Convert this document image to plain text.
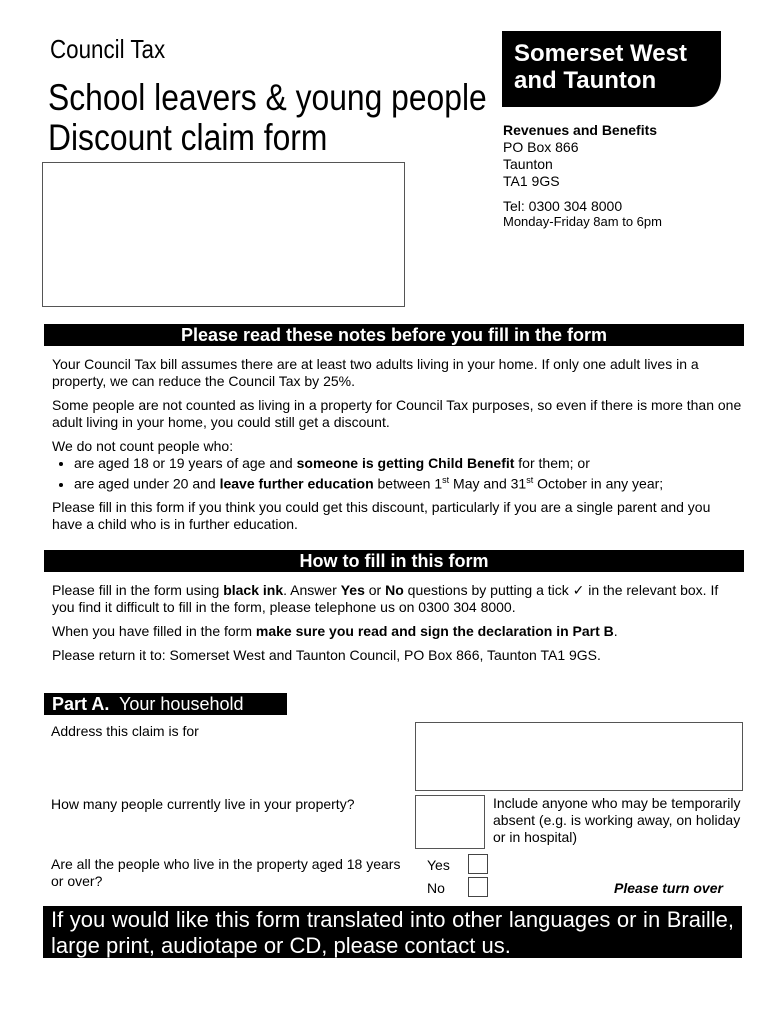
Council Tax
School leavers & young people
Discount claim form
Somerset West
and Taunton
Revenues and Benefits
PO Box 866
Taunton
TA1 9GS
Tel: 0300 304 8000
Monday-Friday 8am to 6pm
Please read these notes before you fill in the form

Your Council Tax bill assumes there are at least two adults living in your home. If only one adult lives in a property, we can reduce the Council Tax by 25%.

Some people are not counted as living in a property for Council Tax purposes, so even if there is more than one adult living in your home, you could still get a discount.

We do not count people who:

• are aged 18 or 19 years of age and someone is getting Child Benefit for them; or
• are aged under 20 and leave further education between 1st May and 31st October in any year;

Please fill in this form if you think you could get this discount, particularly if you are a single parent and you have a child who is in further education.

How to fill in this form

Please fill in the form using black ink. Answer Yes or No questions by putting a tick ✓ in the relevant box. If you find it difficult to fill in the form, please telephone us on 0300 304 8000.

When you have filled in the form make sure you read and sign the declaration in Part B.

Please return it to: Somerset West and Taunton Council, PO Box 866, Taunton TA1 9GS.

Part A. Your household
Address this claim is for
How many people currently live in your property?	Include anyone who may be temporarily absent (e.g. is working away, on holiday or in hospital)
Are all the people who live in the property aged 18 years or over?
Yes
No	Please turn over
If you would like this form translated into other languages or in Braille, large print, audiotape or CD, please contact us.
